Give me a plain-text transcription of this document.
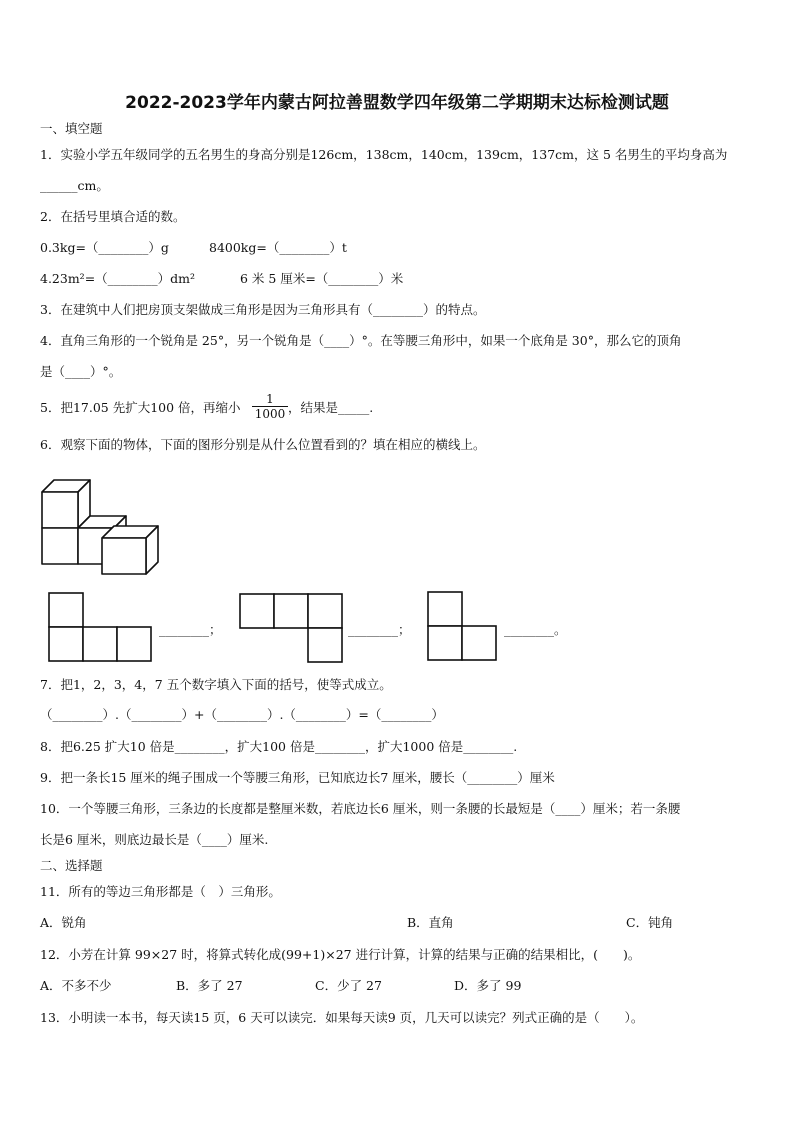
2022-2023学年内蒙古阿拉善盟数学四年级第二学期期末达标检测试题
一、填空题
1．实验小学五年级同学的五名男生的身高分别是126cm，138cm，140cm，139cm，137cm，这 5 名男生的平均身高为
______cm。
2．在括号里填合适的数。
0.3kg=（________）g	8400kg=（________）t
4.23m²=（________）dm²	6 米 5 厘米=（________）米
3．在建筑中人们把房顶支架做成三角形是因为三角形具有（________）的特点。
4．直角三角形的一个锐角是 25°，另一个锐角是（____）°。在等腰三角形中，如果一个底角是 30°，那么它的顶角
是（____）°。
5．把17.05 先扩大100 倍，再缩小 $\frac{1}{1000}$ ，结果是_____.
6．观察下面的物体，下面的图形分别是从什么位置看到的？填在相应的横线上。
________；	________；	________。
7．把1，2，3，4，7 五个数字填入下面的括号，使等式成立。
（________）.（________）+（________）.（________）=（________）
8．把6.25 扩大10 倍是________，扩大100 倍是________，扩大1000 倍是________.
9．把一条长15 厘米的绳子围成一个等腰三角形，已知底边长7 厘米，腰长（________）厘米
10．一个等腰三角形，三条边的长度都是整厘米数，若底边长6 厘米，则一条腰的长最短是（____）厘米；若一条腰
长是6 厘米，则底边最长是（____）厘米.
二、选择题
11．所有的等边三角形都是（　）三角形。
A．锐角	B．直角	C．钝角
12．小芳在计算 99×27 时，将算式转化成(99+1)×27 进行计算，计算的结果与正确的结果相比，(　　)。
A．不多不少	B．多了 27	C．少了 27	D．多了 99
13．小明读一本书，每天读15 页，6 天可以读完．如果每天读9 页，几天可以读完？列式正确的是（　　）。
